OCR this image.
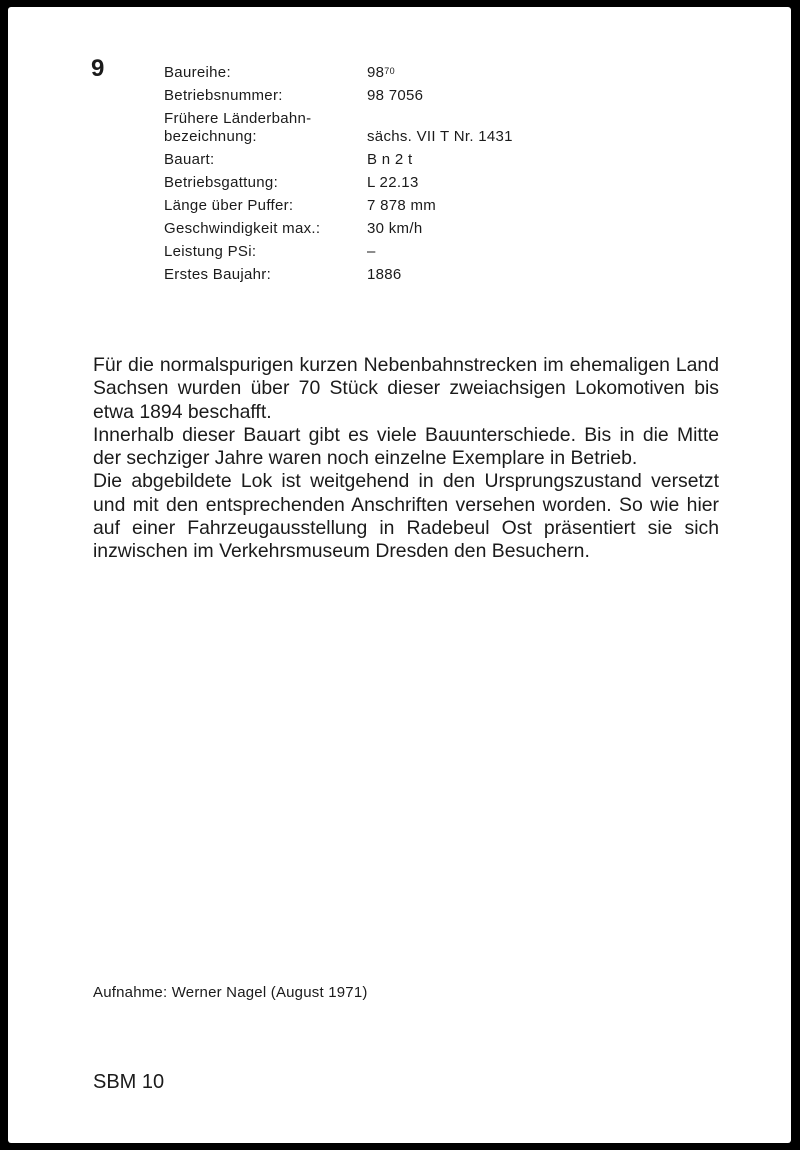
9	Baureihe:	$98^{70}$
Betriebsnummer:	98 7056
Frühere Länderbahn-
bezeichnung:	sächs. VII T Nr. 1431
Bauart:	B n 2 t
Betriebsgattung:	L 22.13
Länge über Puffer:	7 878 mm
Geschwindigkeit max.:	30 km/h
Leistung PSi:	–
Erstes Baujahr:	1886

Für die normalspurigen kurzen Nebenbahnstrecken im ehemaligen Land Sachsen wurden über 70 Stück dieser zweiachsigen Lokomotiven bis etwa 1894 beschafft.

Innerhalb dieser Bauart gibt es viele Bauunterschiede. Bis in die Mitte der sechziger Jahre waren noch einzelne Exemplare in Betrieb.

Die abgebildete Lok ist weitgehend in den Ursprungszustand versetzt und mit den entsprechenden Anschriften versehen worden. So wie hier auf einer Fahrzeugausstellung in Radebeul Ost präsentiert sie sich inzwischen im Verkehrsmuseum Dresden den Besuchern.

Aufnahme: Werner Nagel (August 1971)

SBM 10
